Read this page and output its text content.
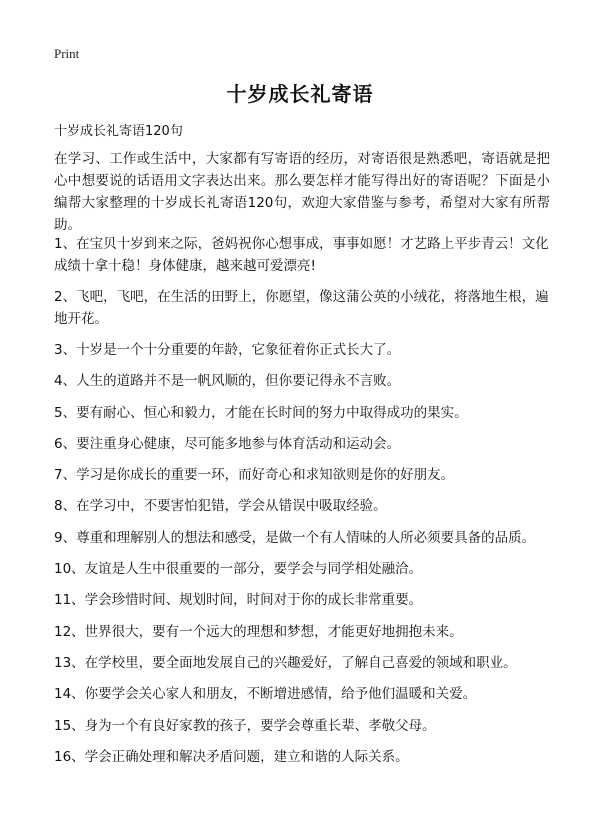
Print
十岁成长礼寄语
十岁成长礼寄语120句

在学习、工作或生活中，大家都有写寄语的经历，对寄语很是熟悉吧，寄语就是把心中想要说的话语用文字表达出来。那么要怎样才能写得出好的寄语呢？下面是小编帮大家整理的十岁成长礼寄语120句，欢迎大家借鉴与参考，希望对大家有所帮助。

1、在宝贝十岁到来之际，爸妈祝你心想事成，事事如愿！才艺路上平步青云！文化成绩十拿十稳！身体健康，越来越可爱漂亮!
2、飞吧，飞吧，在生活的田野上，你愿望，像这蒲公英的小绒花，将落地生根，遍地开花。
3、十岁是一个十分重要的年龄，它象征着你正式长大了。
4、人生的道路并不是一帆风顺的，但你要记得永不言败。
5、要有耐心、恒心和毅力，才能在长时间的努力中取得成功的果实。
6、要注重身心健康，尽可能多地参与体育活动和运动会。
7、学习是你成长的重要一环，而好奇心和求知欲则是你的好朋友。
8、在学习中，不要害怕犯错，学会从错误中吸取经验。
9、尊重和理解别人的想法和感受，是做一个有人情味的人所必须要具备的品质。
10、友谊是人生中很重要的一部分，要学会与同学相处融洽。
11、学会珍惜时间、规划时间，时间对于你的成长非常重要。
12、世界很大，要有一个远大的理想和梦想，才能更好地拥抱未来。
13、在学校里，要全面地发展自己的兴趣爱好，了解自己喜爱的领域和职业。
14、你要学会关心家人和朋友，不断增进感情，给予他们温暖和关爱。
15、身为一个有良好家教的孩子，要学会尊重长辈、孝敬父母。
16、学会正确处理和解决矛盾问题，建立和谐的人际关系。
